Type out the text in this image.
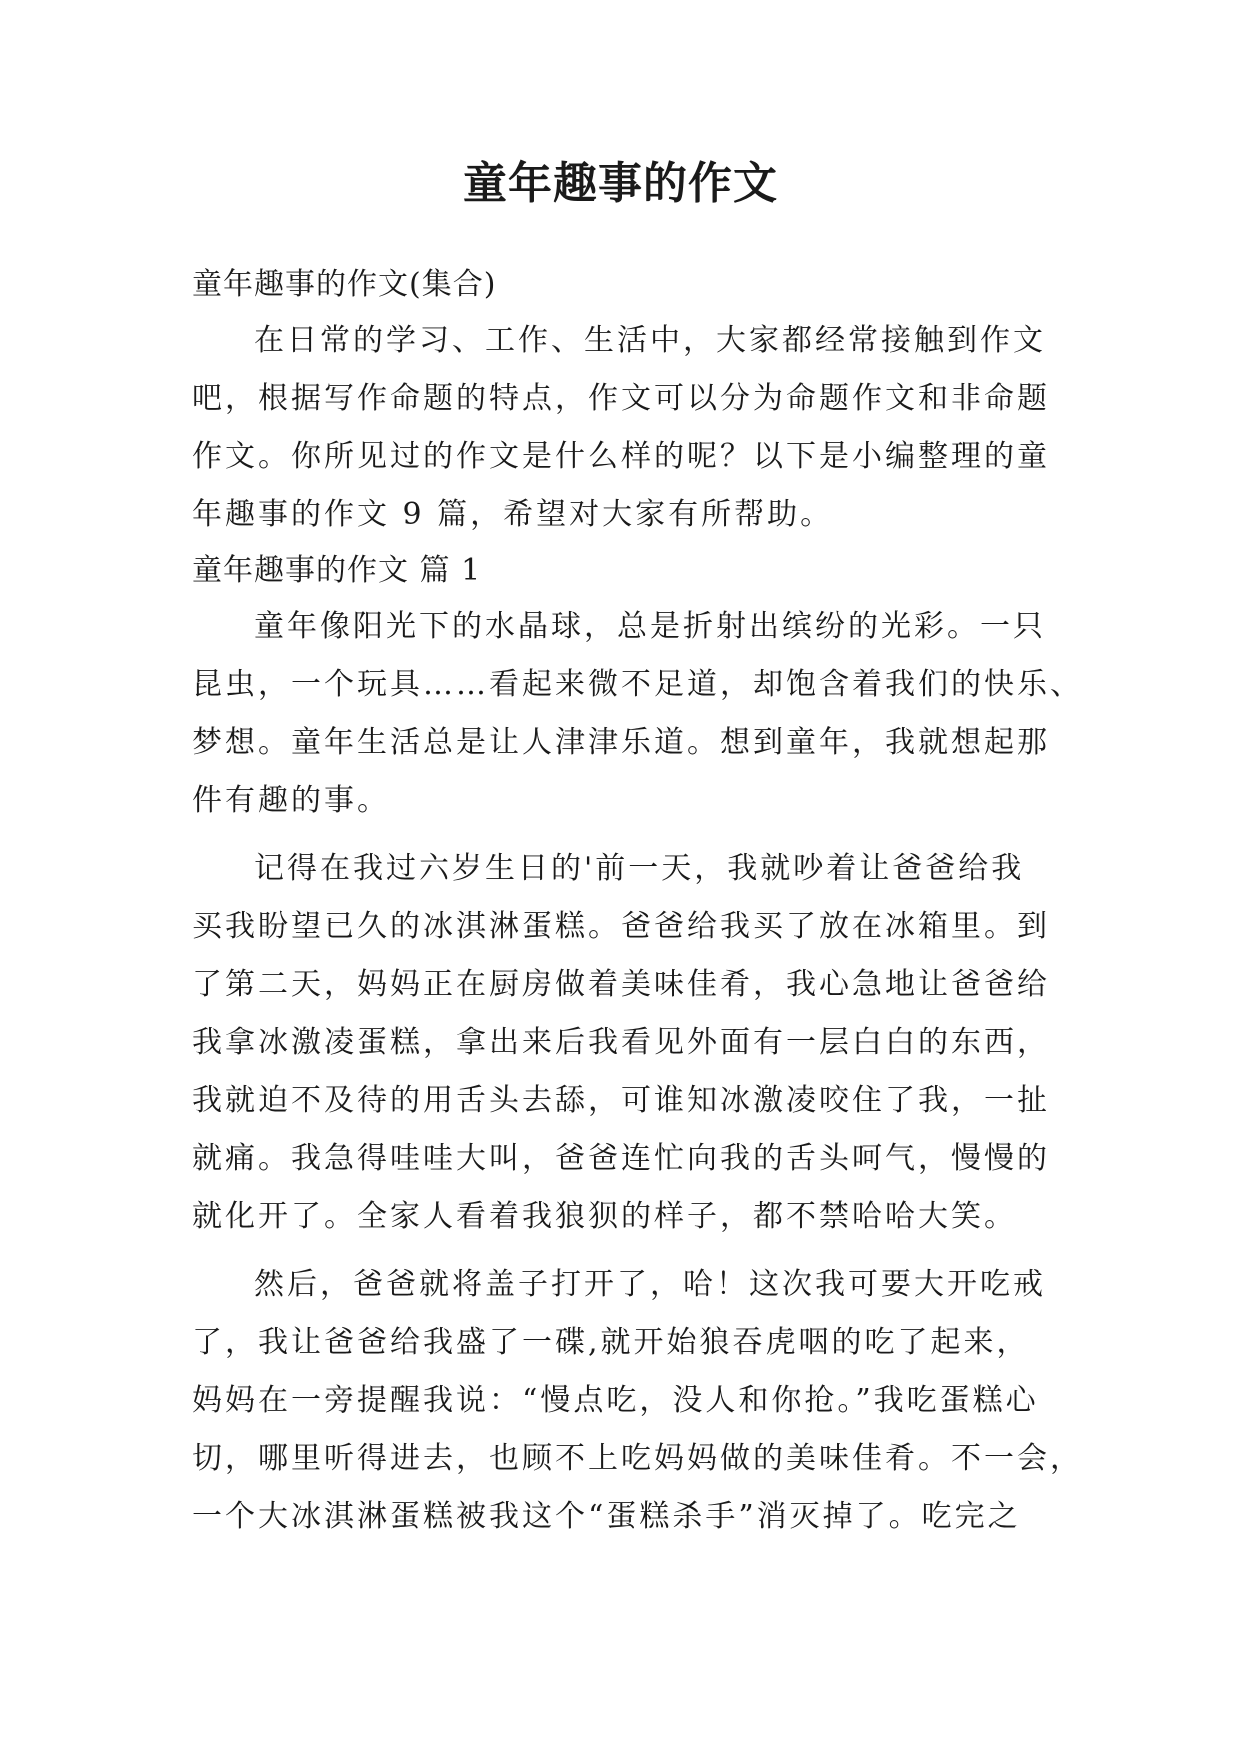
童年趣事的作文
童年趣事的作文(集合)
在日常的学习、工作、生活中，大家都经常接触到作文
吧，根据写作命题的特点，作文可以分为命题作文和非命题
作文。你所见过的作文是什么样的呢？以下是小编整理的童
年趣事的作文 9 篇，希望对大家有所帮助。
童年趣事的作文 篇 1
童年像阳光下的水晶球，总是折射出缤纷的光彩。一只
昆虫，一个玩具……看起来微不足道，却饱含着我们的快乐、
梦想。童年生活总是让人津津乐道。想到童年，我就想起那
件有趣的事。
记得在我过六岁生日的'前一天，我就吵着让爸爸给我
买我盼望已久的冰淇淋蛋糕。爸爸给我买了放在冰箱里。到
了第二天，妈妈正在厨房做着美味佳肴，我心急地让爸爸给
我拿冰激凌蛋糕，拿出来后我看见外面有一层白白的东西，
我就迫不及待的用舌头去舔，可谁知冰激凌咬住了我，一扯
就痛。我急得哇哇大叫，爸爸连忙向我的舌头呵气，慢慢的
就化开了。全家人看着我狼狈的样子，都不禁哈哈大笑。
然后，爸爸就将盖子打开了，哈！这次我可要大开吃戒
了，我让爸爸给我盛了一碟,就开始狼吞虎咽的吃了起来，
妈妈在一旁提醒我说：“慢点吃，没人和你抢。”我吃蛋糕心
切，哪里听得进去，也顾不上吃妈妈做的美味佳肴。不一会，
一个大冰淇淋蛋糕被我这个“蛋糕杀手”消灭掉了。吃完之
